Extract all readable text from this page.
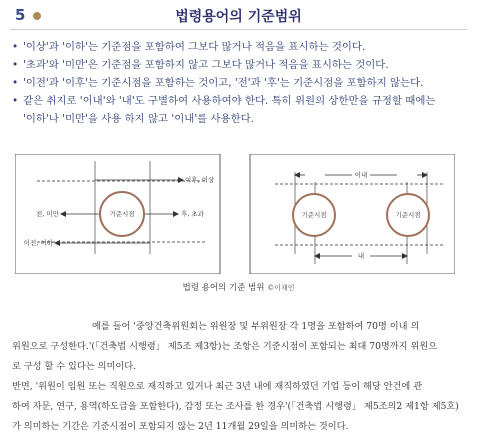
5	법령용어의 기준범위
• '이상'과 '이하'는 기준점을 포함하여 그보다 많거나 적음을 표시하는 것이다.
• '초과'와 '미만'은 기준점을 포함하지 않고 그보다 많거나 적음을 표시하는 것이다.
• '이전'과 '이후'는 기준시점을 포함하는 것이고, '전'과 '후'는 기준시점을 포함하지 않는다.
• 같은 취지로 '이내'와 '내'도 구별하여 사용하여야 한다. 특히 위원의 상한만을 규정할 때에는
'이하'나 '미만'을 사용 하지 않고 '이내'를 사용한다.
기준시점
이후, 이상
전, 미만	후, 초과
이전, 이하
기준시점	기준시점
이내
내
법령 용어의 기준 범위 ©이재인

예를 들어 '중앙건축위원회는 위원장 및 부위원장 각 1명을 포함하여 70명 이내 의

위원으로 구성한다.'(「건축법 시행령」 제5조 제3항)는 조항은 기준시점이 포함되는 최대 70명까지 위원으

로 구성 할 수 있다는 의미이다.

반면, '위원이 임원 또는 직원으로 재직하고 있거나 최근 3년 내에 재직하였던 기업 등이 해당 안건에 관

하여 자문, 연구, 용역(하도급을 포함한다), 감정 또는 조사를 한 경우'(「건축법 시행령」 제5조의2 제1항 제5호)

가 의미하는 기간은 기준시점이 포함되지 않는 2년 11개월 29일을 의미하는 것이다.
